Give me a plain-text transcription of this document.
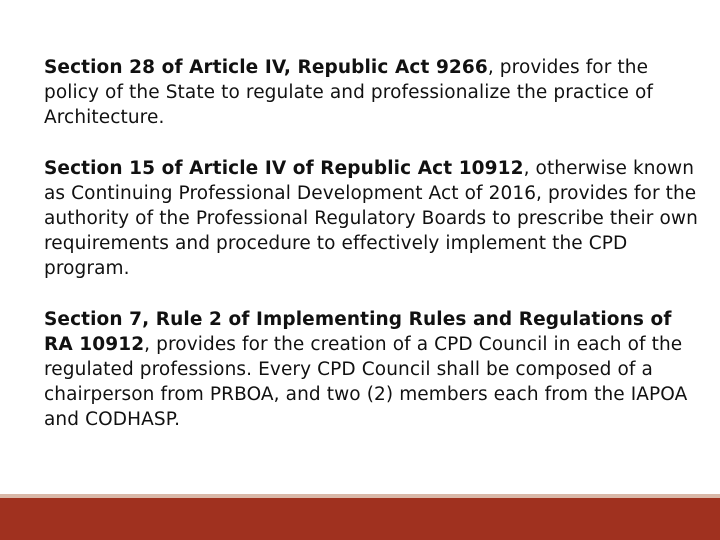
Section 28 of Article IV, Republic Act 9266, provides for the policy of the State to regulate and professionalize the practice of Architecture.

Section 15 of Article IV of Republic Act 10912, otherwise known as Continuing Professional Development Act of 2016, provides for the authority of the Professional Regulatory Boards to prescribe their own requirements and procedure to effectively implement the CPD program.

Section 7, Rule 2 of Implementing Rules and Regulations of RA 10912, provides for the creation of a CPD Council in each of the regulated professions. Every CPD Council shall be composed of a chairperson from PRBOA, and two (2) members each from the IAPOA and CODHASP.
